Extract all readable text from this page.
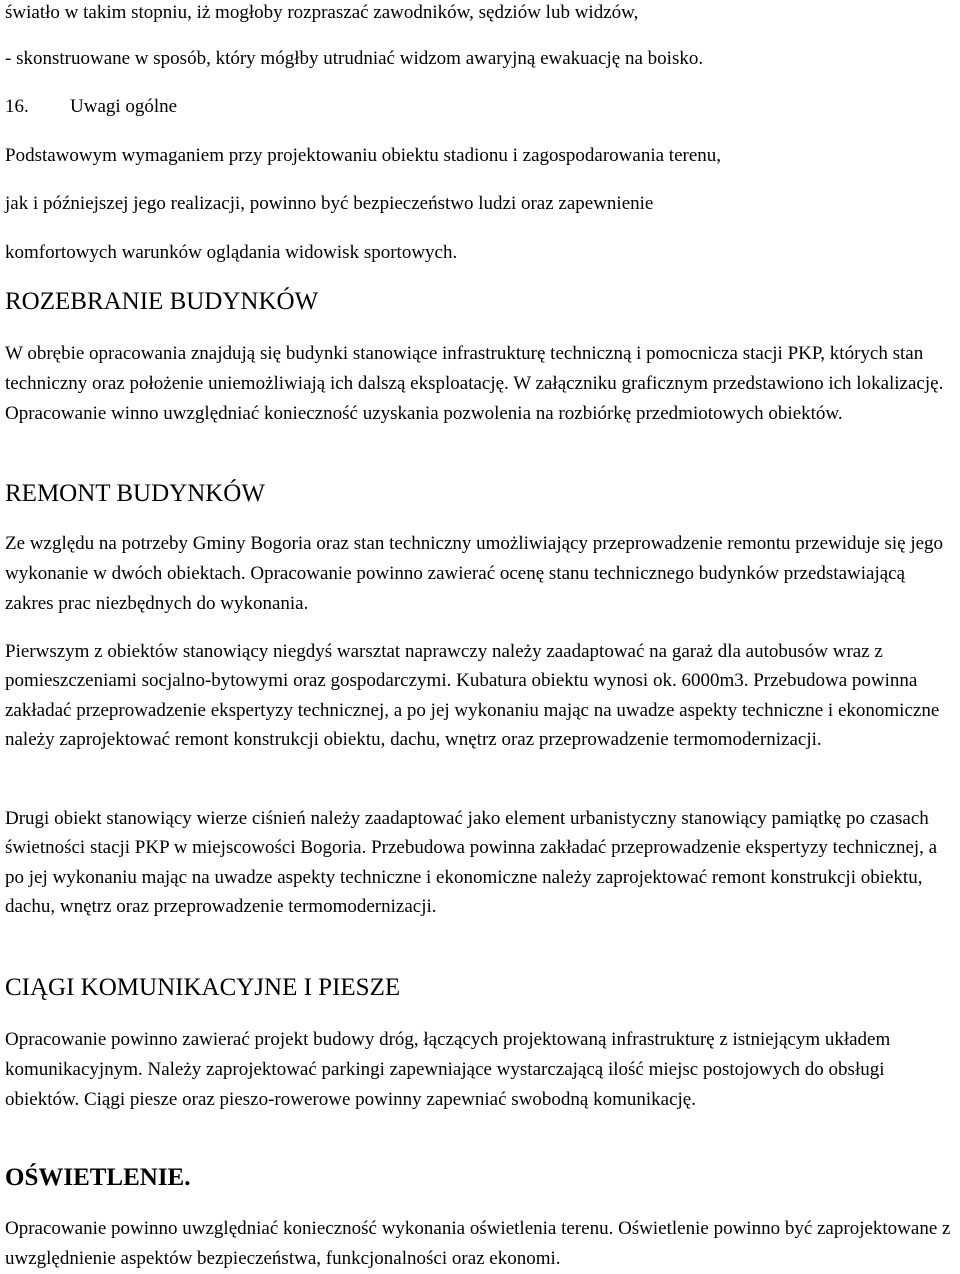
światło w takim stopniu, iż mogłoby rozpraszać zawodników, sędziów lub widzów,

- skonstruowane w sposób, który mógłby utrudniać widzom awaryjną ewakuację na boisko.

16. Uwagi ogólne

Podstawowym wymaganiem przy projektowaniu obiektu stadionu i zagospodarowania terenu,

jak i późniejszej jego realizacji, powinno być bezpieczeństwo ludzi oraz zapewnienie

komfortowych warunków oglądania widowisk sportowych.

ROZEBRANIE BUDYNKÓW

W obrębie opracowania znajdują się budynki stanowiące infrastrukturę techniczną i pomocnicza stacji PKP, których stan techniczny oraz położenie uniemożliwiają ich dalszą eksploatację. W załączniku graficznym przedstawiono ich lokalizację. Opracowanie winno uwzględniać konieczność uzyskania pozwolenia na rozbiórkę przedmiotowych obiektów.

REMONT BUDYNKÓW

Ze względu na potrzeby Gminy Bogoria oraz stan techniczny umożliwiający przeprowadzenie remontu przewiduje się jego wykonanie w dwóch obiektach. Opracowanie powinno zawierać ocenę stanu technicznego budynków przedstawiającą zakres prac niezbędnych do wykonania.

Pierwszym z obiektów stanowiący niegdyś warsztat naprawczy należy zaadaptować na garaż dla autobusów wraz z pomieszczeniami socjalno-bytowymi oraz gospodarczymi. Kubatura obiektu wynosi ok. 6000m3. Przebudowa powinna zakładać przeprowadzenie ekspertyzy technicznej, a po jej wykonaniu mając na uwadze aspekty techniczne i ekonomiczne należy zaprojektować remont konstrukcji obiektu, dachu, wnętrz oraz przeprowadzenie termomodernizacji.

Drugi obiekt stanowiący wierze ciśnień należy zaadaptować jako element urbanistyczny stanowiący pamiątkę po czasach świetności stacji PKP w miejscowości Bogoria. Przebudowa powinna zakładać przeprowadzenie ekspertyzy technicznej, a po jej wykonaniu mając na uwadze aspekty techniczne i ekonomiczne należy zaprojektować remont konstrukcji obiektu, dachu, wnętrz oraz przeprowadzenie termomodernizacji.

CIĄGI KOMUNIKACYJNE I PIESZE

Opracowanie powinno zawierać projekt budowy dróg, łączących projektowaną infrastrukturę z istniejącym układem komunikacyjnym. Należy zaprojektować parkingi zapewniające wystarczającą ilość miejsc postojowych do obsługi obiektów. Ciągi piesze oraz pieszo-rowerowe powinny zapewniać swobodną komunikację.

OŚWIETLENIE.

Opracowanie powinno uwzględniać konieczność wykonania oświetlenia terenu. Oświetlenie powinno być zaprojektowane z uwzględnienie aspektów bezpieczeństwa, funkcjonalności oraz ekonomi.
